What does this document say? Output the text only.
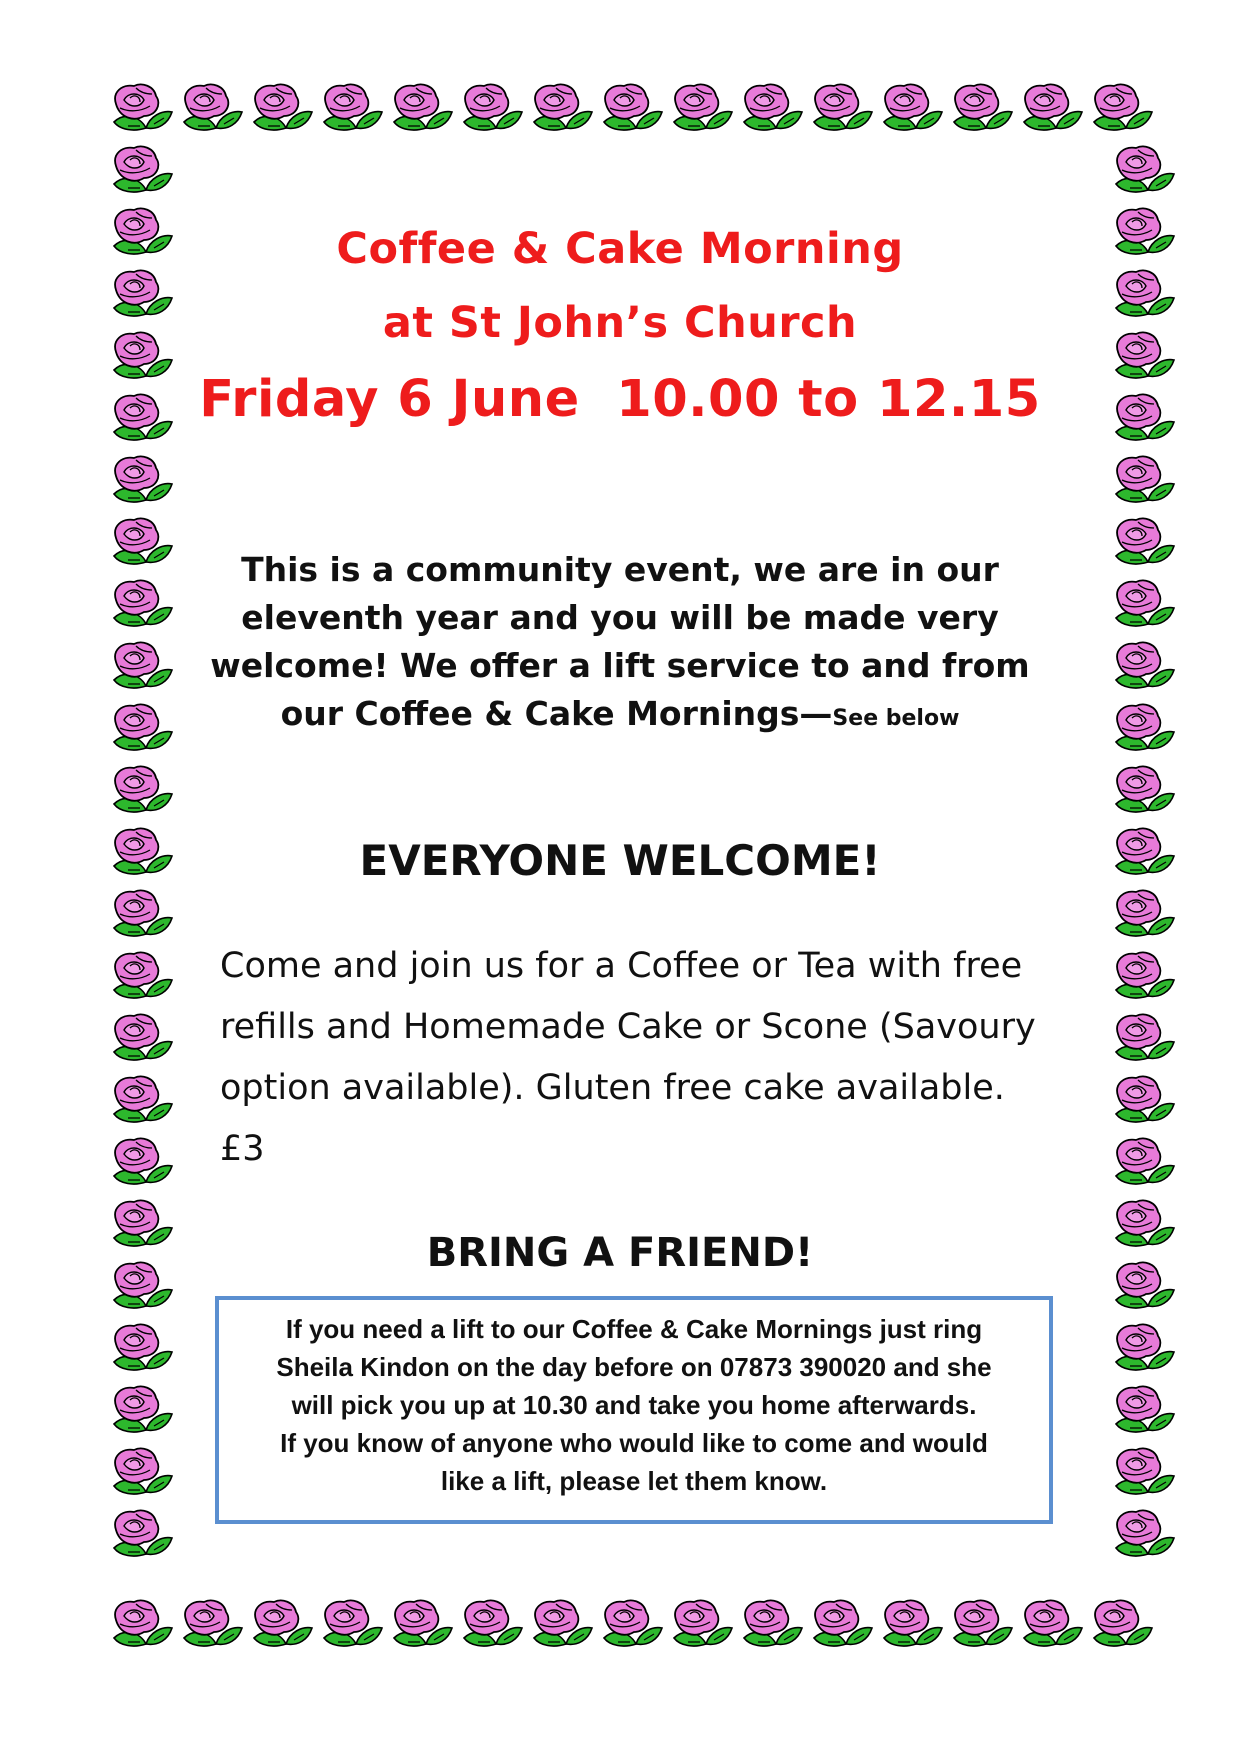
Coffee & Cake Morning
at St John’s Church
Friday 6 June  10.00 to 12.15
This is a community event, we are in our eleventh year and you will be made very welcome! We offer a lift service to and from our Coffee & Cake Mornings—See below
EVERYONE WELCOME!
Come and join us for a Coffee or Tea with free refills and Homemade Cake or Scone (Savoury option available). Gluten free cake available.
£3
BRING A FRIEND!
If you need a lift to our Coffee & Cake Mornings just ring
Sheila Kindon on the day before on 07873 390020 and she
will pick you up at 10.30 and take you home afterwards.
If you know of anyone who would like to come and would
like a lift, please let them know.
